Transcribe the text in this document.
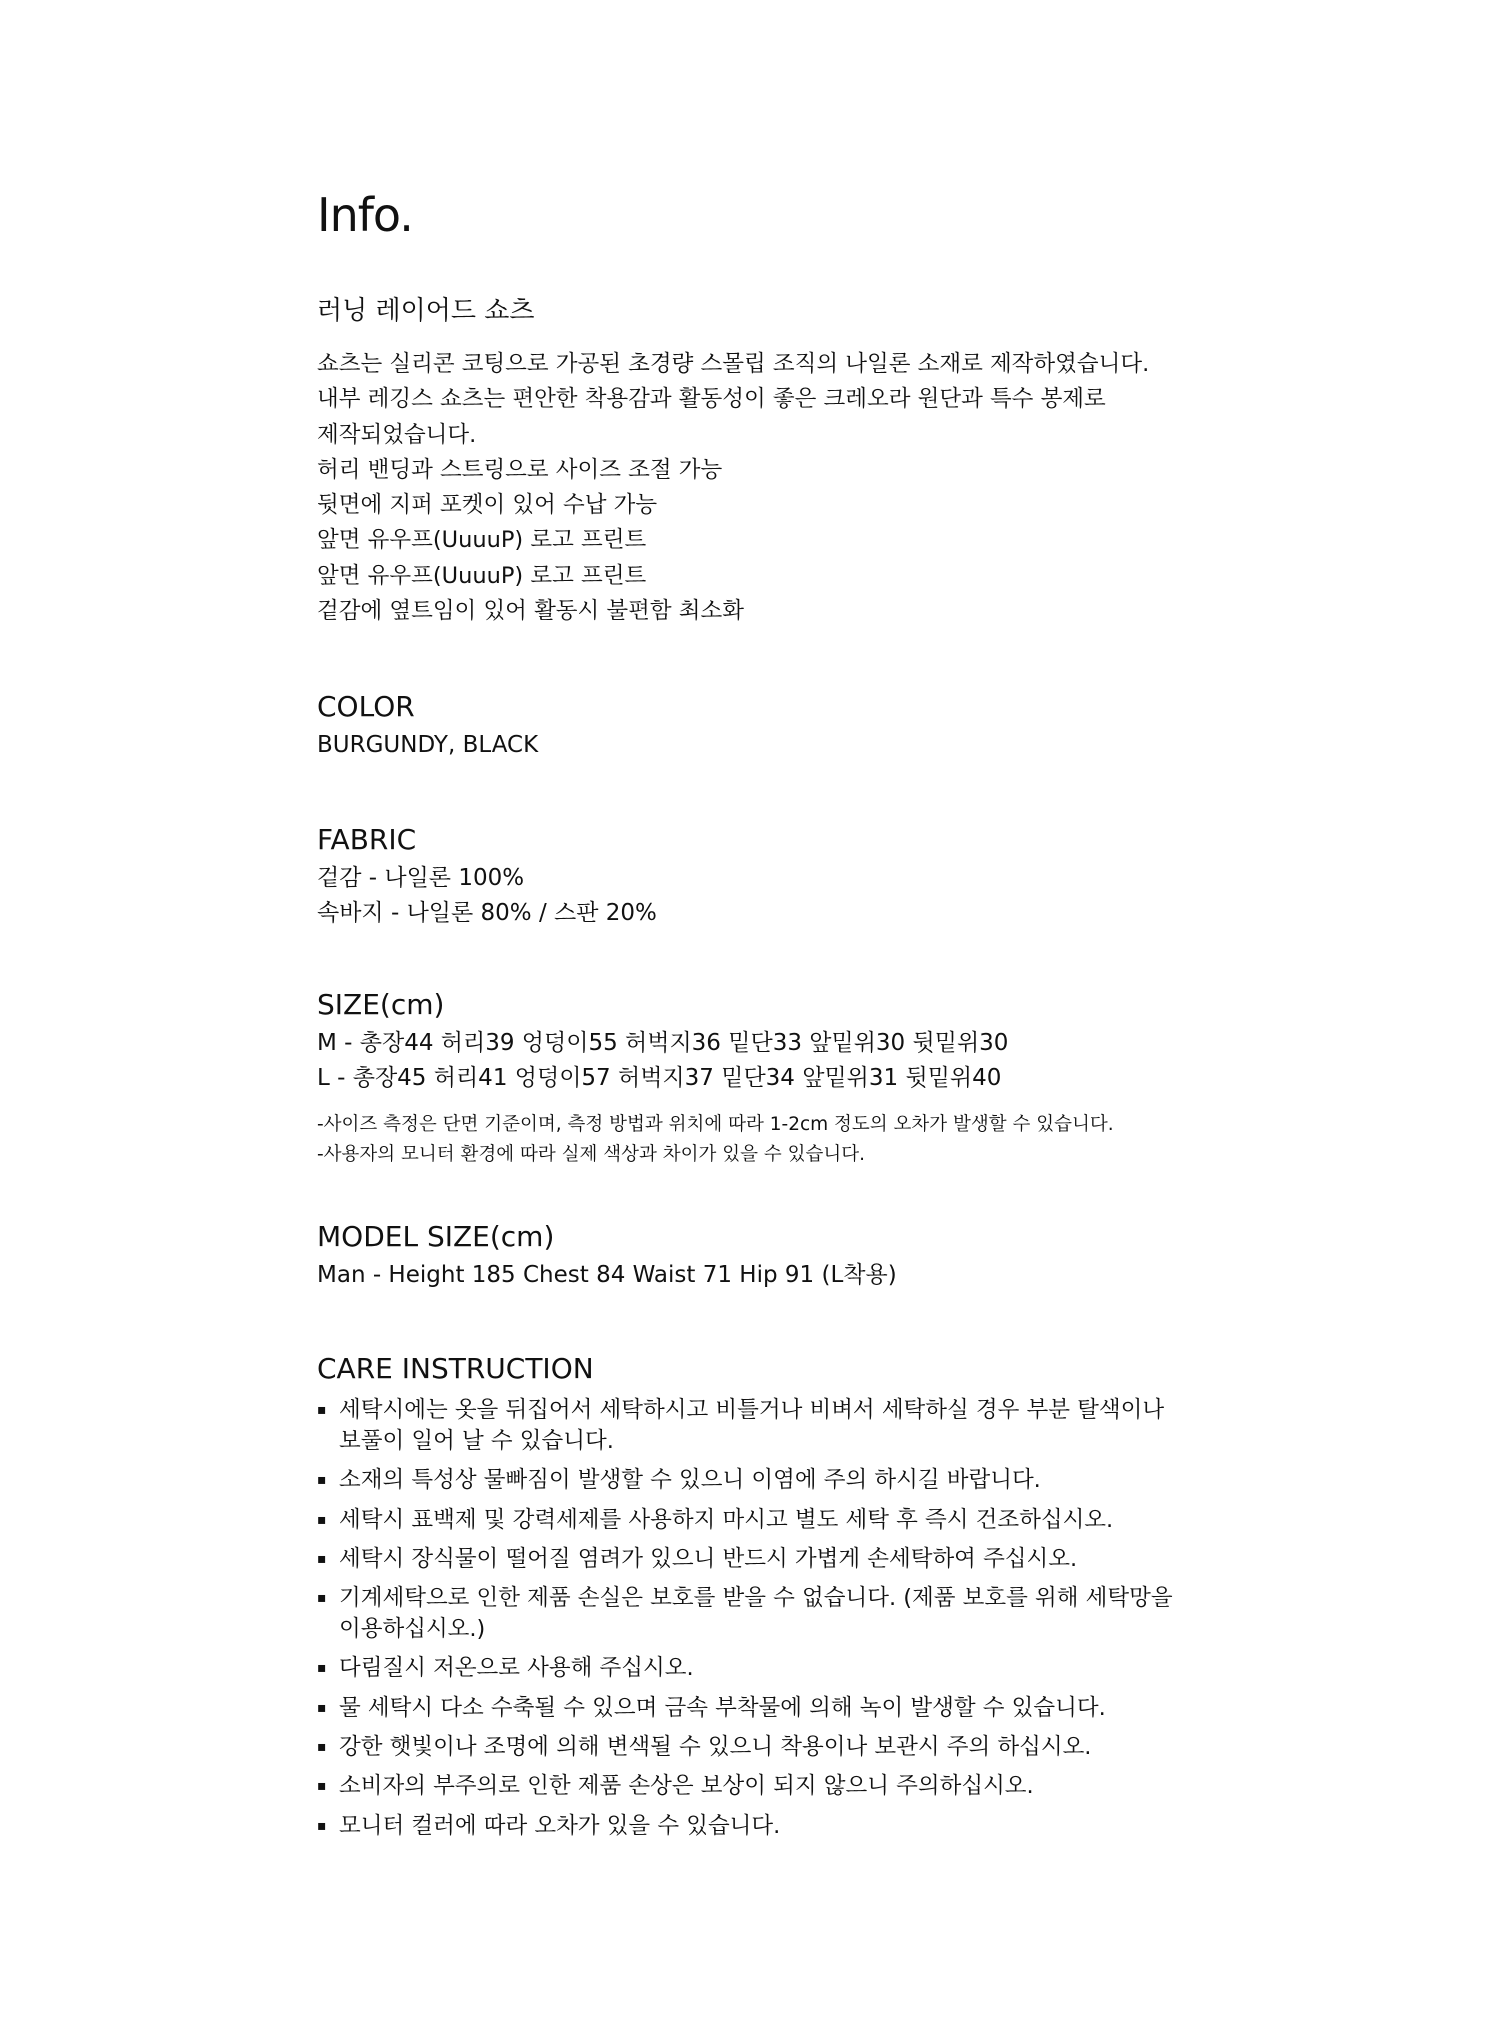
Info.
러닝 레이어드 쇼츠
쇼츠는 실리콘 코팅으로 가공된 초경량 스몰립 조직의 나일론 소재로 제작하였습니다.
내부 레깅스 쇼츠는 편안한 착용감과 활동성이 좋은 크레오라 원단과 특수 봉제로
제작되었습니다.
허리 밴딩과 스트링으로 사이즈 조절 가능
뒷면에 지퍼 포켓이 있어 수납 가능
앞면 유우프(UuuuP) 로고 프린트
앞면 유우프(UuuuP) 로고 프린트
겉감에 옆트임이 있어 활동시 불편함 최소화
COLOR
BURGUNDY, BLACK
FABRIC
겉감 - 나일론 100%
속바지 - 나일론 80% / 스판 20%
SIZE(cm)
M - 총장44 허리39 엉덩이55 허벅지36 밑단33 앞밑위30 뒷밑위30
L - 총장45 허리41 엉덩이57 허벅지37 밑단34 앞밑위31 뒷밑위40
-사이즈 측정은 단면 기준이며, 측정 방법과 위치에 따라 1-2cm 정도의 오차가 발생할 수 있습니다.
-사용자의 모니터 환경에 따라 실제 색상과 차이가 있을 수 있습니다.
MODEL SIZE(cm)
Man - Height 185 Chest 84 Waist 71 Hip 91 (L착용)
CARE INSTRUCTION
▪ 세탁시에는 옷을 뒤집어서 세탁하시고 비틀거나 비벼서 세탁하실 경우 부분 탈색이나
보풀이 일어 날 수 있습니다.
▪ 소재의 특성상 물빠짐이 발생할 수 있으니 이염에 주의 하시길 바랍니다.
▪ 세탁시 표백제 및 강력세제를 사용하지 마시고 별도 세탁 후 즉시 건조하십시오.
▪ 세탁시 장식물이 떨어질 염려가 있으니 반드시 가볍게 손세탁하여 주십시오.
▪ 기계세탁으로 인한 제품 손실은 보호를 받을 수 없습니다. (제품 보호를 위해 세탁망을
이용하십시오.)
▪ 다림질시 저온으로 사용해 주십시오.
▪ 물 세탁시 다소 수축될 수 있으며 금속 부착물에 의해 녹이 발생할 수 있습니다.
▪ 강한 햇빛이나 조명에 의해 변색될 수 있으니 착용이나 보관시 주의 하십시오.
▪ 소비자의 부주의로 인한 제품 손상은 보상이 되지 않으니 주의하십시오.
▪ 모니터 컬러에 따라 오차가 있을 수 있습니다.
